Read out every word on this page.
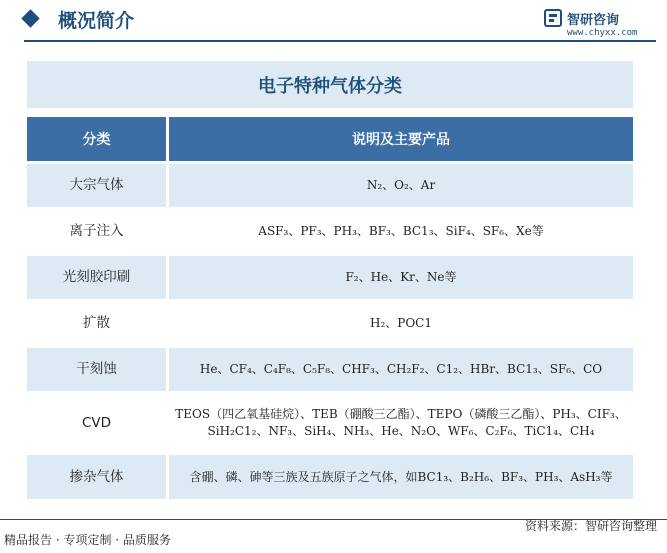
概况简介	智研咨询
www.chyxx.com
电子特种气体分类
分类	说明及主要产品
大宗气体	N₂、O₂、Ar
离子注入	ASF₃、PF₃、PH₃、BF₃、BC1₃、SiF₄、SF₆、Xe等
光刻胶印刷	F₂、He、Kr、Ne等
扩散	H₂、POC1
干刻蚀	He、CF₄、C₄F₈、C₅F₈、CHF₃、CH₂F₂、C1₂、HBr、BC1₃、SF₆、CO
CVD	TEOS（四乙氧基硅烷）、TEB（硼酸三乙酯）、TEPO（磷酸三乙酯）、PH₃、CIF₃、SiH₂C1₂、NF₃、SiH₄、NH₃、He、N₂O、WF₆、C₂F₆、TiC1₄、CH₄
掺杂气体	含硼、磷、砷等三族及五族原子之气体，如BC1₃、B₂H₆、BF₃、PH₃、AsH₃等
精品报告 · 专项定制 · 品质服务
资料来源：智研咨询整理
